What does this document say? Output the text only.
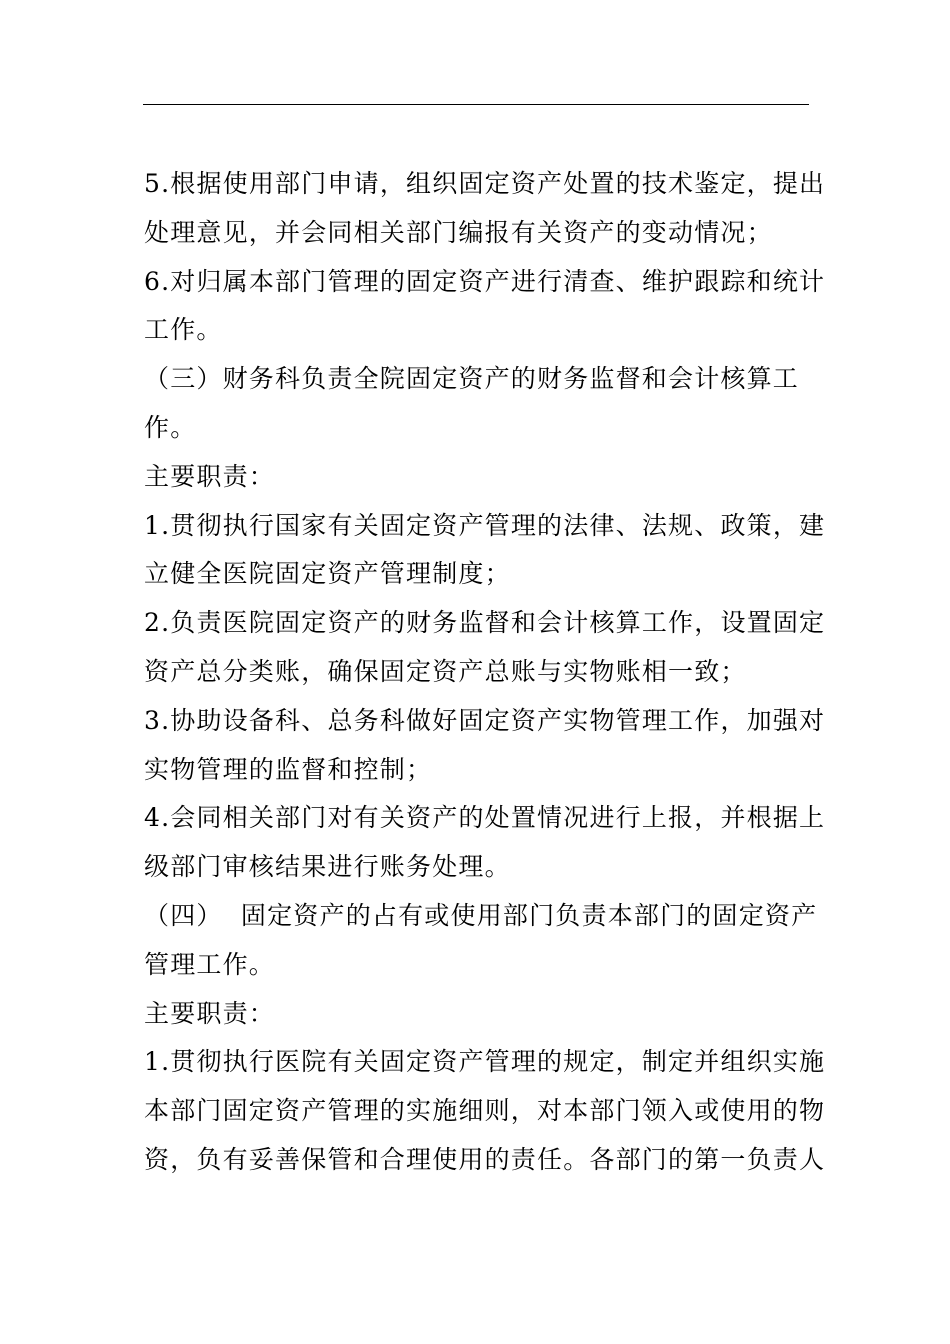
5.根据使用部门申请，组织固定资产处置的技术鉴定，提出
处理意见，并会同相关部门编报有关资产的变动情况；
6.对归属本部门管理的固定资产进行清查、维护跟踪和统计
工作。
（三）财务科负责全院固定资产的财务监督和会计核算工
作。
主要职责：
1.贯彻执行国家有关固定资产管理的法律、法规、政策，建
立健全医院固定资产管理制度；
2.负责医院固定资产的财务监督和会计核算工作，设置固定
资产总分类账，确保固定资产总账与实物账相一致；
3.协助设备科、总务科做好固定资产实物管理工作，加强对
实物管理的监督和控制；
4.会同相关部门对有关资产的处置情况进行上报，并根据上
级部门审核结果进行账务处理。
（四）  固定资产的占有或使用部门负责本部门的固定资产
管理工作。
主要职责：
1.贯彻执行医院有关固定资产管理的规定，制定并组织实施
本部门固定资产管理的实施细则，对本部门领入或使用的物
资，负有妥善保管和合理使用的责任。各部门的第一负责人
